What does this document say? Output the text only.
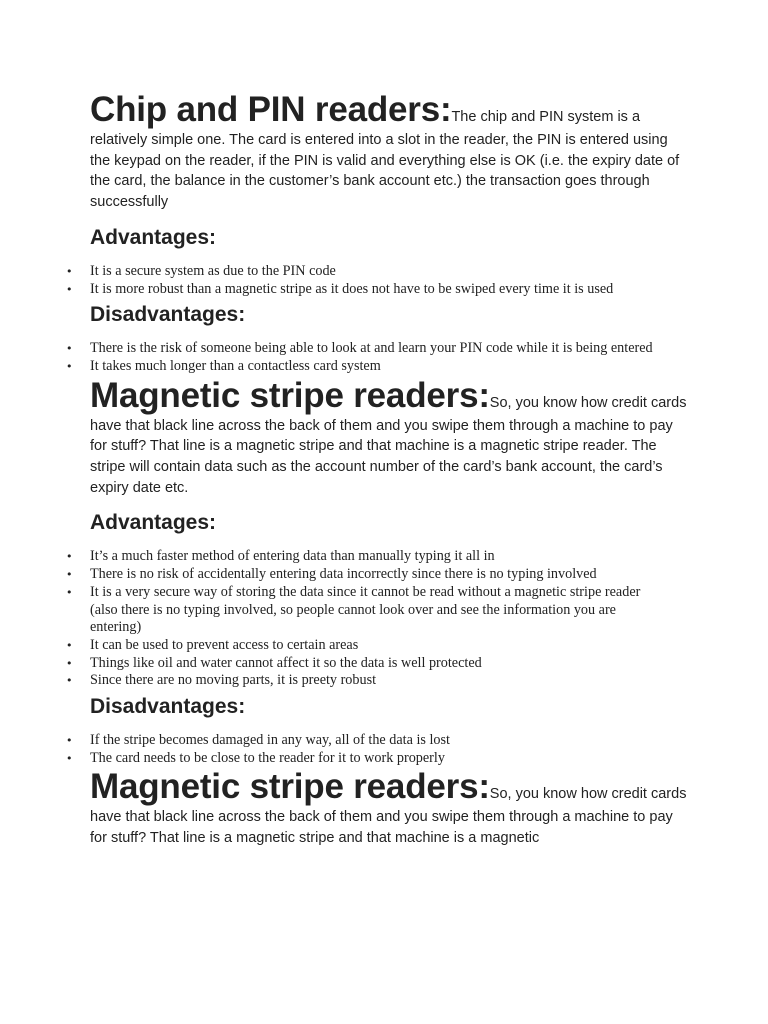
Chip and PIN readers:The chip and PIN system is a relatively simple one. The card is entered into a slot in the reader, the PIN is entered using the keypad on the reader, if the PIN is valid and everything else is OK (i.e. the expiry date of the card, the balance in the customer’s bank account etc.) the transaction goes through successfully

Advantages:
• It is a secure system as due to the PIN code
• It is more robust than a magnetic stripe as it does not have to be swiped every time it is used
Disadvantages:
• There is the risk of someone being able to look at and learn your PIN code while it is being entered
• It takes much longer than a contactless card system

Magnetic stripe readers:So, you know how credit cards have that black line across the back of them and you swipe them through a machine to pay for stuff? That line is a magnetic stripe and that machine is a magnetic stripe reader. The stripe will contain data such as the account number of the card’s bank account, the card’s expiry date etc.

Advantages:
• It’s a much faster method of entering data than manually typing it all in
• There is no risk of accidentally entering data incorrectly since there is no typing involved
• It is a very secure way of storing the data since it cannot be read without a magnetic stripe reader (also there is no typing involved, so people cannot look over and see the information you are entering)
• It can be used to prevent access to certain areas
• Things like oil and water cannot affect it so the data is well protected
• Since there are no moving parts, it is preety robust
Disadvantages:
• If the stripe becomes damaged in any way, all of the data is lost
• The card needs to be close to the reader for it to work properly

Magnetic stripe readers:So, you know how credit cards have that black line across the back of them and you swipe them through a machine to pay for stuff? That line is a magnetic stripe and that machine is a magnetic
